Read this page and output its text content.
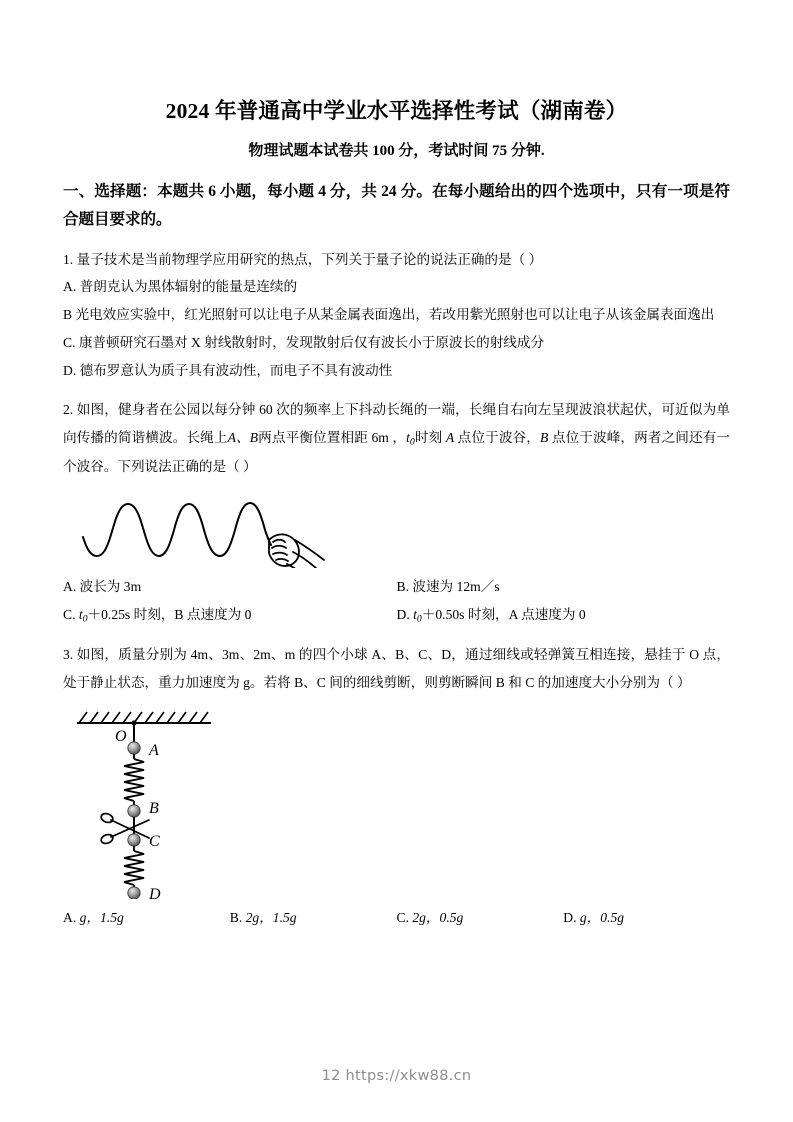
2024 年普通高中学业水平选择性考试（湖南卷）
物理试题本试卷共 100 分，考试时间 75 分钟.
一、选择题：本题共 6 小题，每小题 4 分，共 24 分。在每小题给出的四个选项中，只有一项是符合题目要求的。

1. 量子技术是当前物理学应用研究的热点，下列关于量子论的说法正确的是（ ）

A. 普朗克认为黑体辐射的能量是连续的

B 光电效应实验中，红光照射可以让电子从某金属表面逸出，若改用紫光照射也可以让电子从该金属表面逸出

C. 康普顿研究石墨对 X 射线散射时，发现散射后仅有波长小于原波长的射线成分

D. 德布罗意认为质子具有波动性，而电子不具有波动性

2. 如图，健身者在公园以每分钟 60 次的频率上下抖动长绳的一端，长绳自右向左呈现波浪状起伏，可近似为单向传播的简谐横波。长绳上A、B两点平衡位置相距 6m ，$t_0$时刻 A 点位于波谷，B 点位于波峰，两者之间还有一个波谷。下列说法正确的是（ ）

A. 波长为 3m	B. 波速为 12m／s
C. $t_0+0.25s$ 时刻，B 点速度为 0	D. $t_0+0.50s$ 时刻，A 点速度为 0

3. 如图，质量分别为 4m、3m、2m、m 的四个小球 A、B、C、D，通过细线或轻弹簧互相连接，悬挂于 O 点，处于静止状态，重力加速度为 g。若将 B、C 间的细线剪断，则剪断瞬间 B 和 C 的加速度大小分别为（ ）

O
A
B
C
D
A. g，1.5g	B. 2g，1.5g	C. 2g，0.5g	D. g，0.5g
12 https://xkw88.cn
